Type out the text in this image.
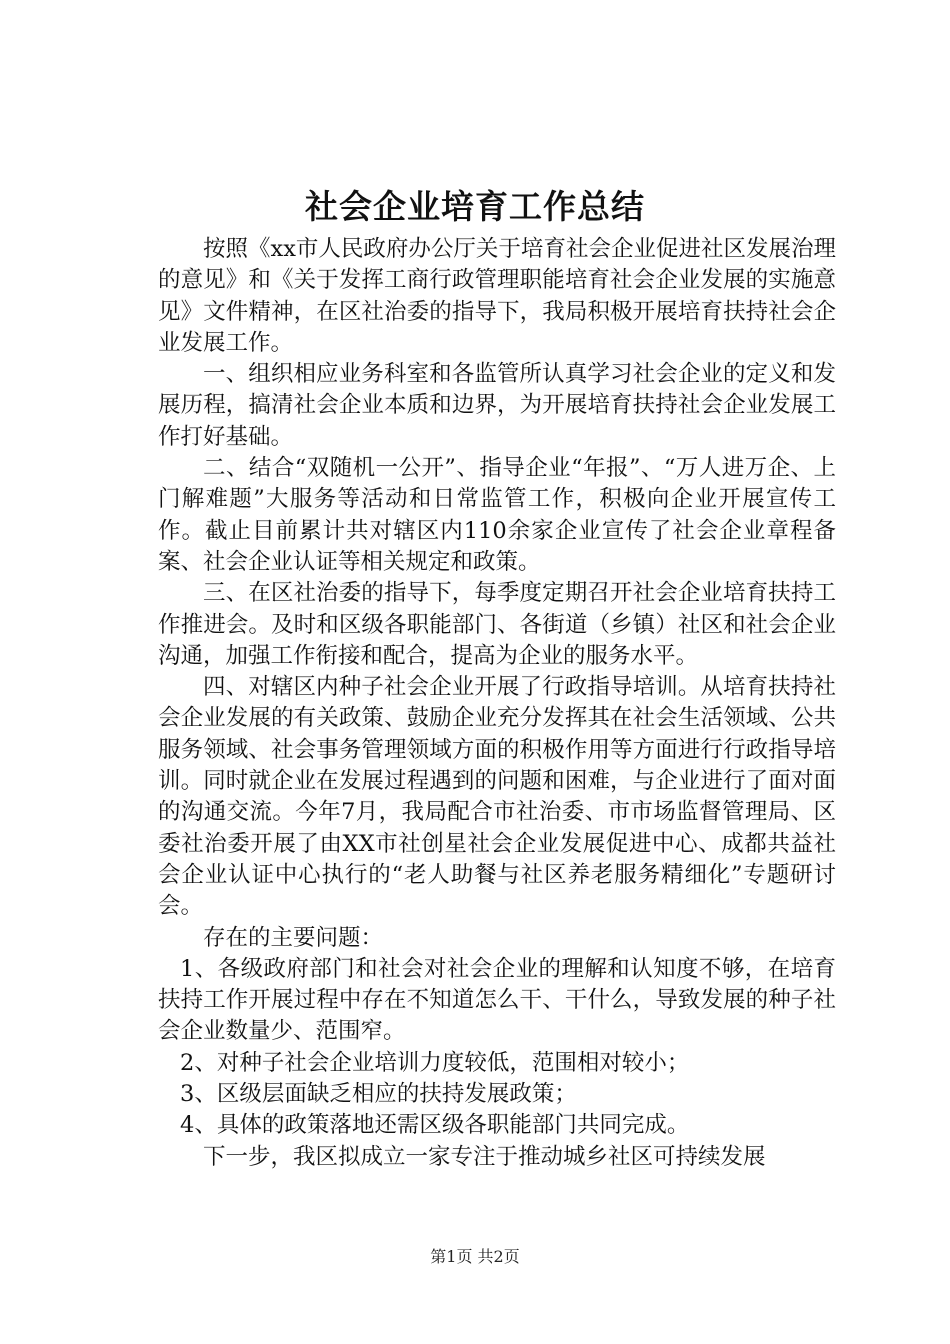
社会企业培育工作总结

按照《xx市人民政府办公厅关于培育社会企业促进社区发展治理的意见》和《关于发挥工商行政管理职能培育社会企业发展的实施意见》文件精神，在区社治委的指导下，我局积极开展培育扶持社会企业发展工作。

一、组织相应业务科室和各监管所认真学习社会企业的定义和发展历程，搞清社会企业本质和边界，为开展培育扶持社会企业发展工作打好基础。

二、结合“双随机一公开”、指导企业“年报”、“万人进万企、上门解难题”大服务等活动和日常监管工作，积极向企业开展宣传工作。截止目前累计共对辖区内110余家企业宣传了社会企业章程备案、社会企业认证等相关规定和政策。

三、在区社治委的指导下，每季度定期召开社会企业培育扶持工作推进会。及时和区级各职能部门、各街道（乡镇）社区和社会企业沟通，加强工作衔接和配合，提高为企业的服务水平。

四、对辖区内种子社会企业开展了行政指导培训。从培育扶持社会企业发展的有关政策、鼓励企业充分发挥其在社会生活领域、公共服务领域、社会事务管理领域方面的积极作用等方面进行行政指导培训。同时就企业在发展过程遇到的问题和困难，与企业进行了面对面的沟通交流。今年7月，我局配合市社治委、市市场监督管理局、区委社治委开展了由XX市社创星社会企业发展促进中心、成都共益社会企业认证中心执行的“老人助餐与社区养老服务精细化”专题研讨会。

存在的主要问题：

1、各级政府部门和社会对社会企业的理解和认知度不够，在培育扶持工作开展过程中存在不知道怎么干、干什么，导致发展的种子社会企业数量少、范围窄。

2、对种子社会企业培训力度较低，范围相对较小；

3、区级层面缺乏相应的扶持发展政策；

4、具体的政策落地还需区级各职能部门共同完成。

下一步，我区拟成立一家专注于推动城乡社区可持续发展

第1页 共2页
